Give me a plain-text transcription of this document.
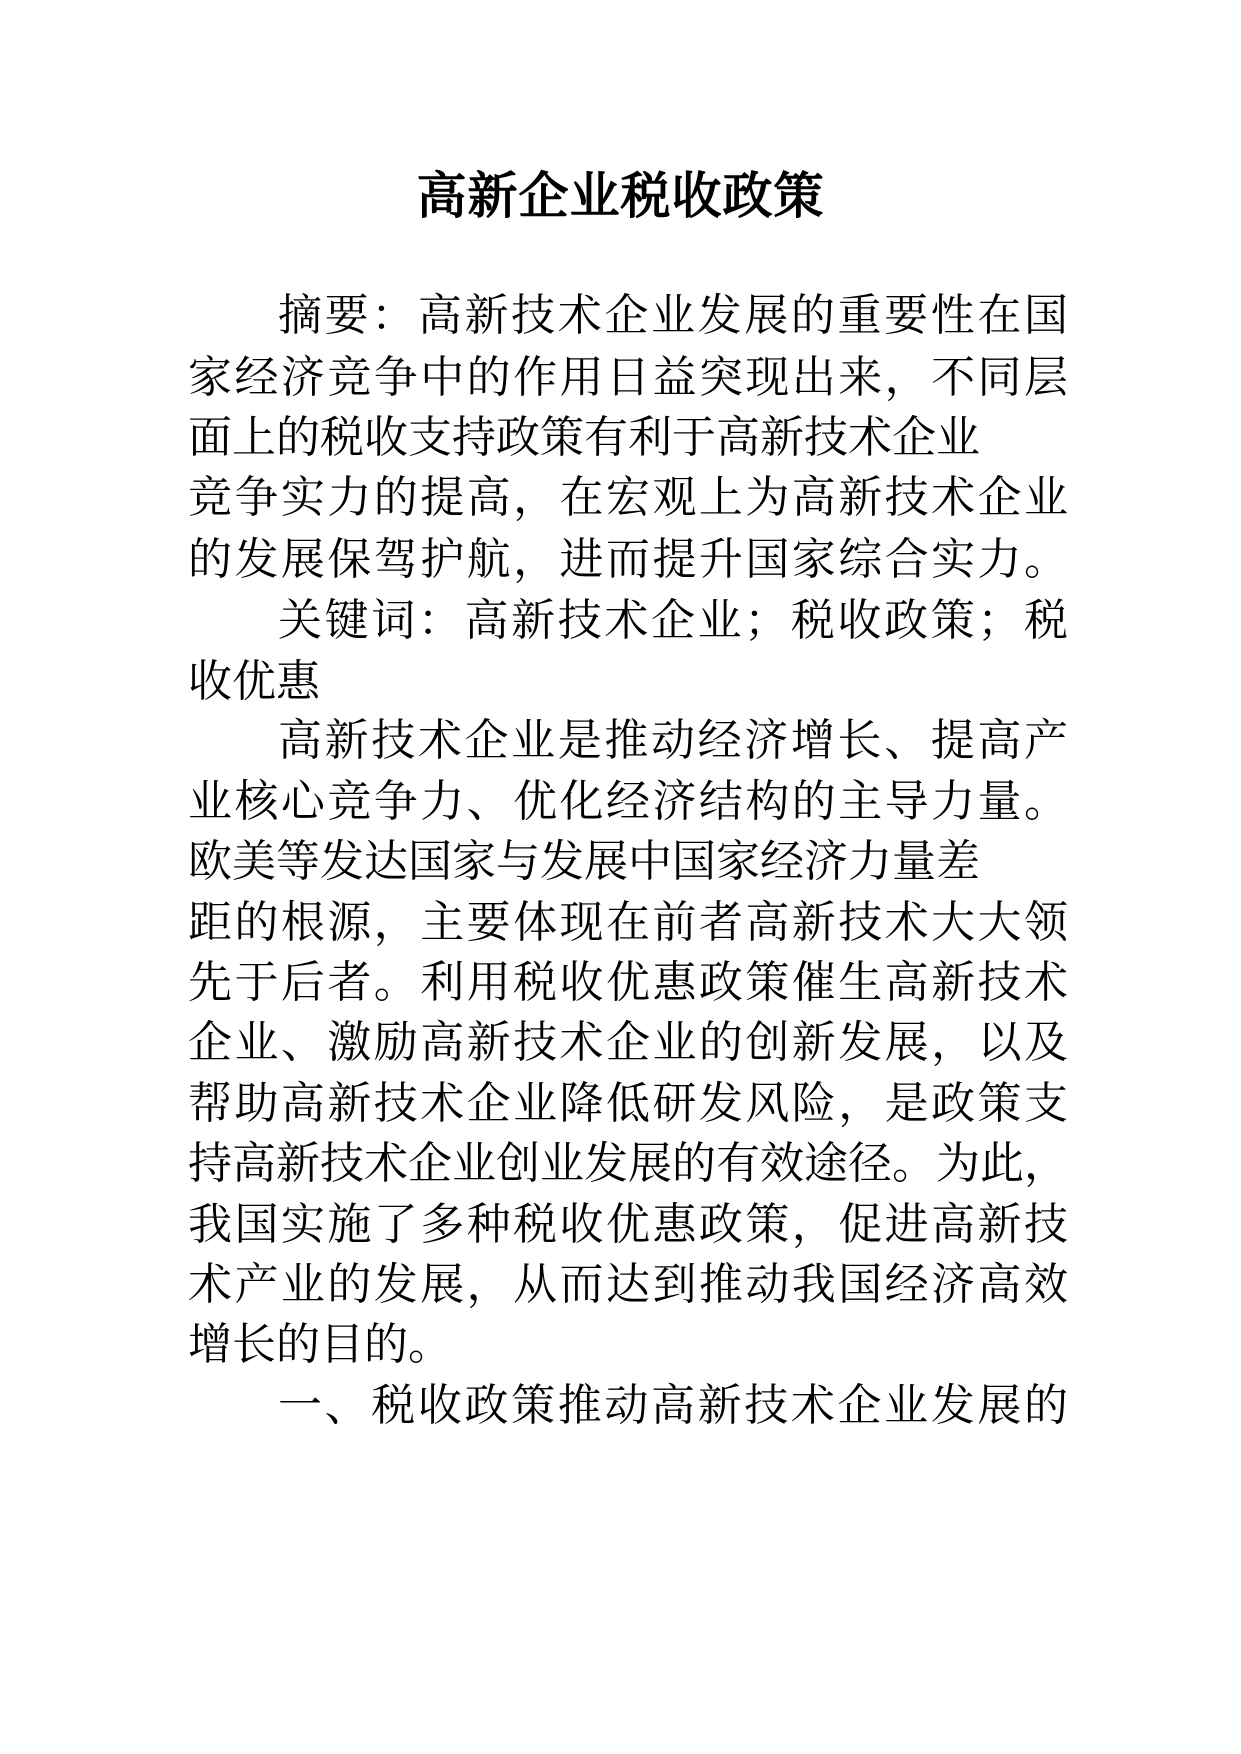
高新企业税收政策

摘要：高新技术企业发展的重要性在国

家经济竞争中的作用日益突现出来，不同层

面上的税收支持政策有利于高新技术企业

竞争实力的提高，在宏观上为高新技术企业

的发展保驾护航，进而提升国家综合实力。

关键词：高新技术企业；税收政策；税

收优惠

高新技术企业是推动经济增长、提高产

业核心竞争力、优化经济结构的主导力量。

欧美等发达国家与发展中国家经济力量差

距的根源，主要体现在前者高新技术大大领

先于后者。利用税收优惠政策催生高新技术

企业、激励高新技术企业的创新发展，以及

帮助高新技术企业降低研发风险，是政策支

持高新技术企业创业发展的有效途径。为此，

我国实施了多种税收优惠政策，促进高新技

术产业的发展，从而达到推动我国经济高效

增长的目的。

一、税收政策推动高新技术企业发展的
